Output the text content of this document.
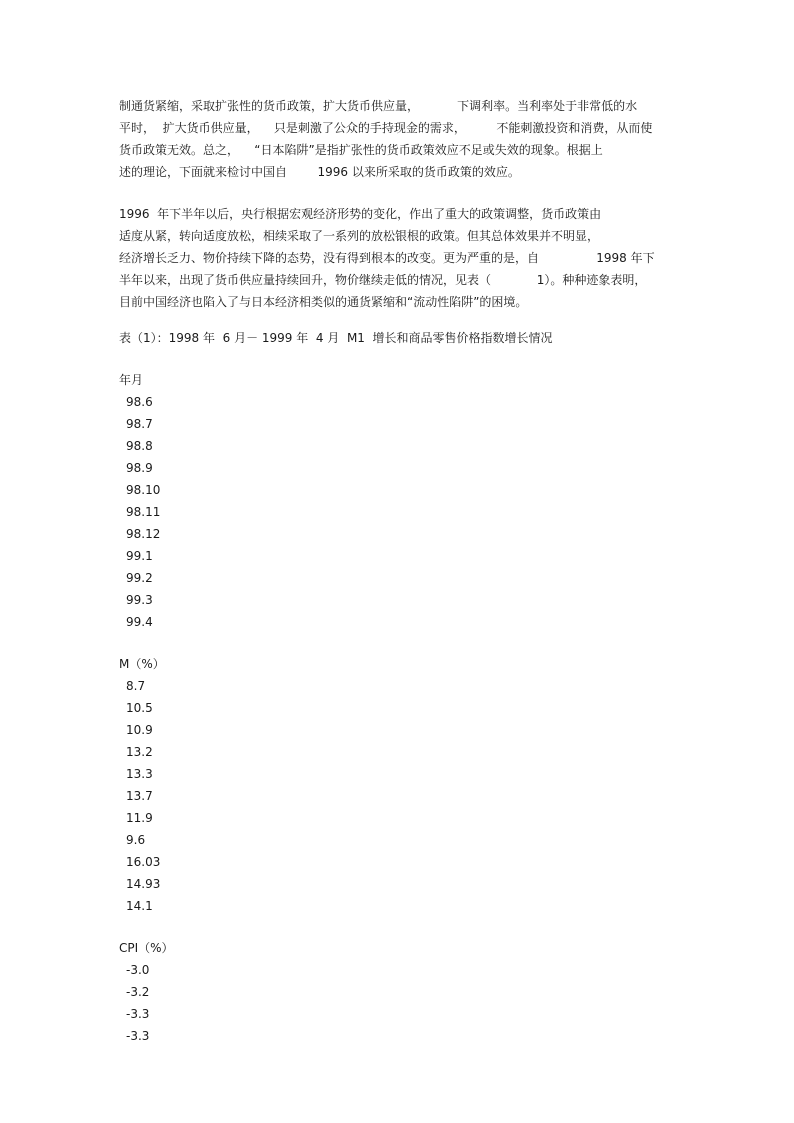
制通货紧缩，采取扩张性的货币政策，扩大货币供应量，          下调利率。当利率处于非常低的水
平时，  扩大货币供应量，    只是刺激了公众的手持现金的需求，        不能刺激投资和消费，从而使
货币政策无效。总之，    “日本陷阱”是指扩张性的货币政策效应不足或失效的现象。根据上
述的理论，下面就来检讨中国自        1996 以来所采取的货币政策的效应。
1996  年下半年以后，央行根据宏观经济形势的变化，作出了重大的政策调整，货币政策由
适度从紧，转向适度放松，相续采取了一系列的放松银根的政策。但其总体效果并不明显，
经济增长乏力、物价持续下降的态势，没有得到根本的改变。更为严重的是，自               1998 年下
半年以来，出现了货币供应量持续回升，物价继续走低的情况，见表（            1）。种种迹象表明，
目前中国经济也陷入了与日本经济相类似的通货紧缩和“流动性陷阱”的困境。
表（1）：1998 年  6 月－ 1999 年  4 月  M1  增长和商品零售价格指数增长情况
年月
98.6
98.7
98.8
98.9
98.10
98.11
98.12
99.1
99.2
99.3
99.4
M（%）
8.7
10.5
10.9
13.2
13.3
13.7
11.9
9.6
16.03
14.93
14.1
CPI（%）
-3.0
-3.2
-3.3
-3.3
